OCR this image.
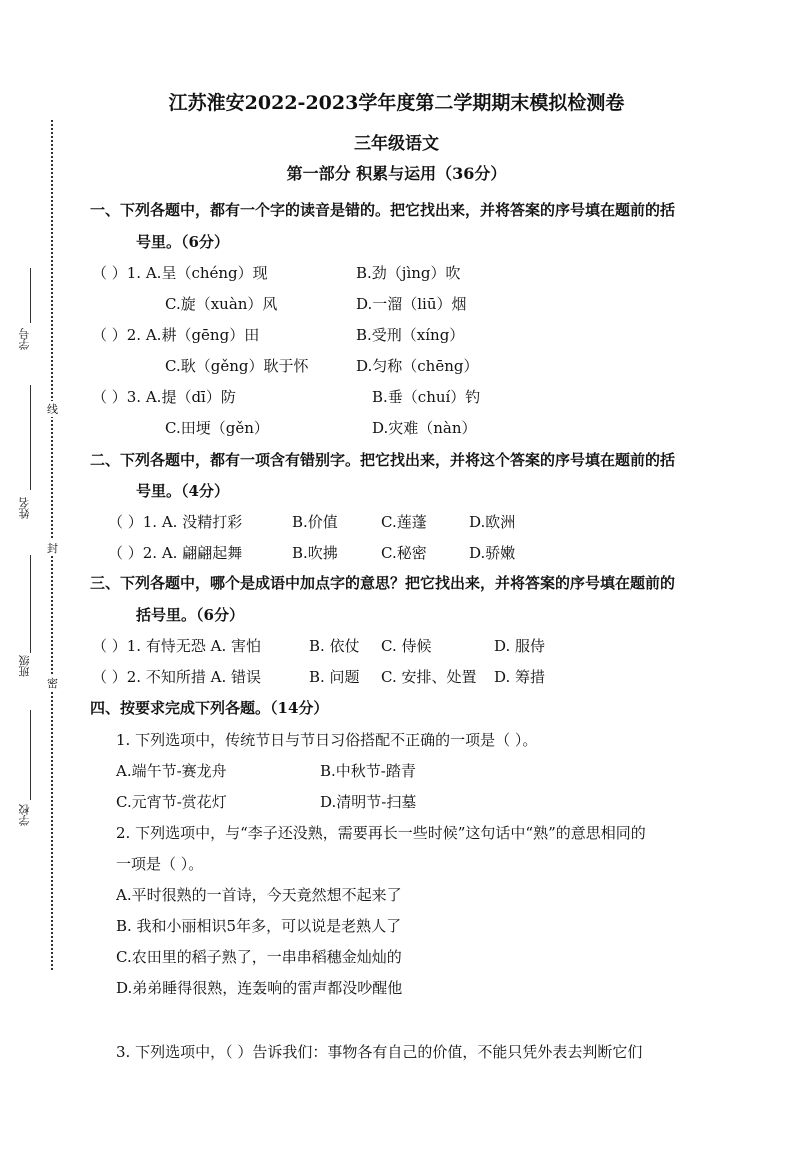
学号
姓名
班级
学校
线
封
密
江苏淮安2022-2023学年度第二学期期末模拟检测卷
三年级语文
第一部分 积累与运用（36分）
一、下列各题中，都有一个字的读音是错的。把它找出来，并将答案的序号填在题前的括
号里。（6分）
（ ）1. A.呈（chéng）现	B.劲（jìng）吹
C.旋（xuàn）风	D.一溜（liū）烟
（ ）2. A.耕（gēng）田	B.受刑（xíng）
C.耿（gěng）耿于怀	D.匀称（chēng）
（ ）3. A.提（dī）防	B.垂（chuí）钓
C.田埂（gěn）	D.灾难（nàn）
二、下列各题中，都有一项含有错别字。把它找出来，并将这个答案的序号填在题前的括
号里。（4分）
（ ）1. A. 没精打彩	B.价值	C.莲蓬	D.欧洲
（ ）2. A. 翩翩起舞	B.吹拂	C.秘密	D.骄嫩
三、下列各题中，哪个是成语中加点字的意思？把它找出来，并将答案的序号填在题前的
括号里。（6分）
（ ）1. 有恃无恐 A. 害怕	B. 依仗 C. 侍候	D. 服侍
（ ）2. 不知所措 A. 错误	B. 问题 C. 安排、处置 D. 筹措
四、按要求完成下列各题。（14分）
1. 下列选项中，传统节日与节日习俗搭配不正确的一项是（ ）。
A.端午节-赛龙舟	B.中秋节-踏青
C.元宵节-赏花灯	D.清明节-扫墓
2. 下列选项中，与“李子还没熟，需要再长一些时候”这句话中“熟”的意思相同的
一项是（ ）。
A.平时很熟的一首诗，今天竟然想不起来了
B. 我和小丽相识5年多，可以说是老熟人了
C.农田里的稻子熟了，一串串稻穗金灿灿的
D.弟弟睡得很熟，连轰响的雷声都没吵醒他
3. 下列选项中，（ ）告诉我们：事物各有自己的价值，不能只凭外表去判断它们
